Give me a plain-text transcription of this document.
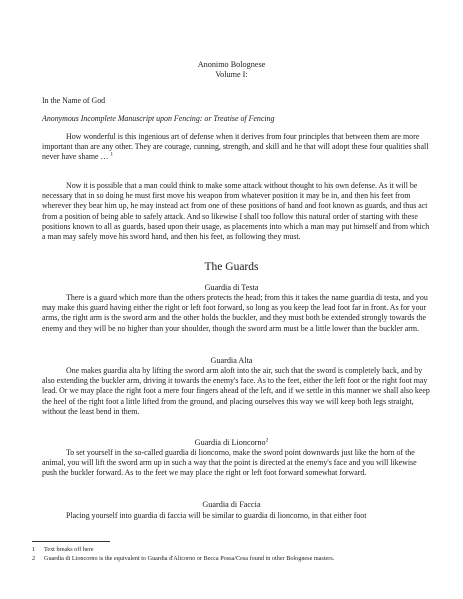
Anonimo Bolognese
Volume I:

In the Name of God

Anonymous Incomplete Manuscript upon Fencing: or Treatise of Fencing

How wonderful is this ingenious art of defense when it derives from four principles that between them are more important than are any other. They are courage, cunning, strength, and skill and he that will adopt these four qualities shall never have shame … $^1$

Now it is possible that a man could think to make some attack without thought to his own defense. As it will be necessary that in so doing he must first move his weapon from whatever position it may be in, and then his feet from wherever they bear him up, he may instead act from one of these positions of hand and foot known as guards, and thus act from a position of being able to safely attack. And so likewise I shall too follow this natural order of starting with these positions known to all as guards, based upon their usage, as placements into which a man may put himself and from which a man may safely move his sword hand, and then his feet, as following they must.

The Guards
Guardia di Testa

There is a guard which more than the others protects the head; from this it takes the name guardia di testa, and you may make this guard having either the right or left foot forward, so long as you keep the lead foot far in front. As for your arms, the right arm is the sword arm and the other holds the buckler, and they must both be extended strongly towards the enemy and they will be no higher than your shoulder, though the sword arm must be a little lower than the buckler arm.

Guardia Alta

One makes guardia alta by lifting the sword arm aloft into the air, such that the sword is completely back, and by also extending the buckler arm, driving it towards the enemy's face. As to the feet, either the left foot or the right foot may lead. Or we may place the right foot a mere four fingers ahead of the left, and if we settle in this manner we shall also keep the heel of the right foot a little lifted from the ground, and placing ourselves this way we will keep both legs straight, without the least bend in them.

Guardia di Lioncorno$^2$

To set yourself in the so-called guardia di lioncorno, make the sword point downwards just like the horn of the animal, you will lift the sword arm up in such a way that the point is directed at the enemy's face and you will likewise push the buckler forward. As to the feet we may place the right or left foot forward somewhat forward.

Guardia di Faccia

Placing yourself into guardia di faccia will be similar to guardia di lioncorno, in that either foot

1 Text breaks off here
2 Guardia di Lioncorno is the equivalent to Guardia d'Alicorno or Becca Possa/Cesa found in other Bolognese masters.
